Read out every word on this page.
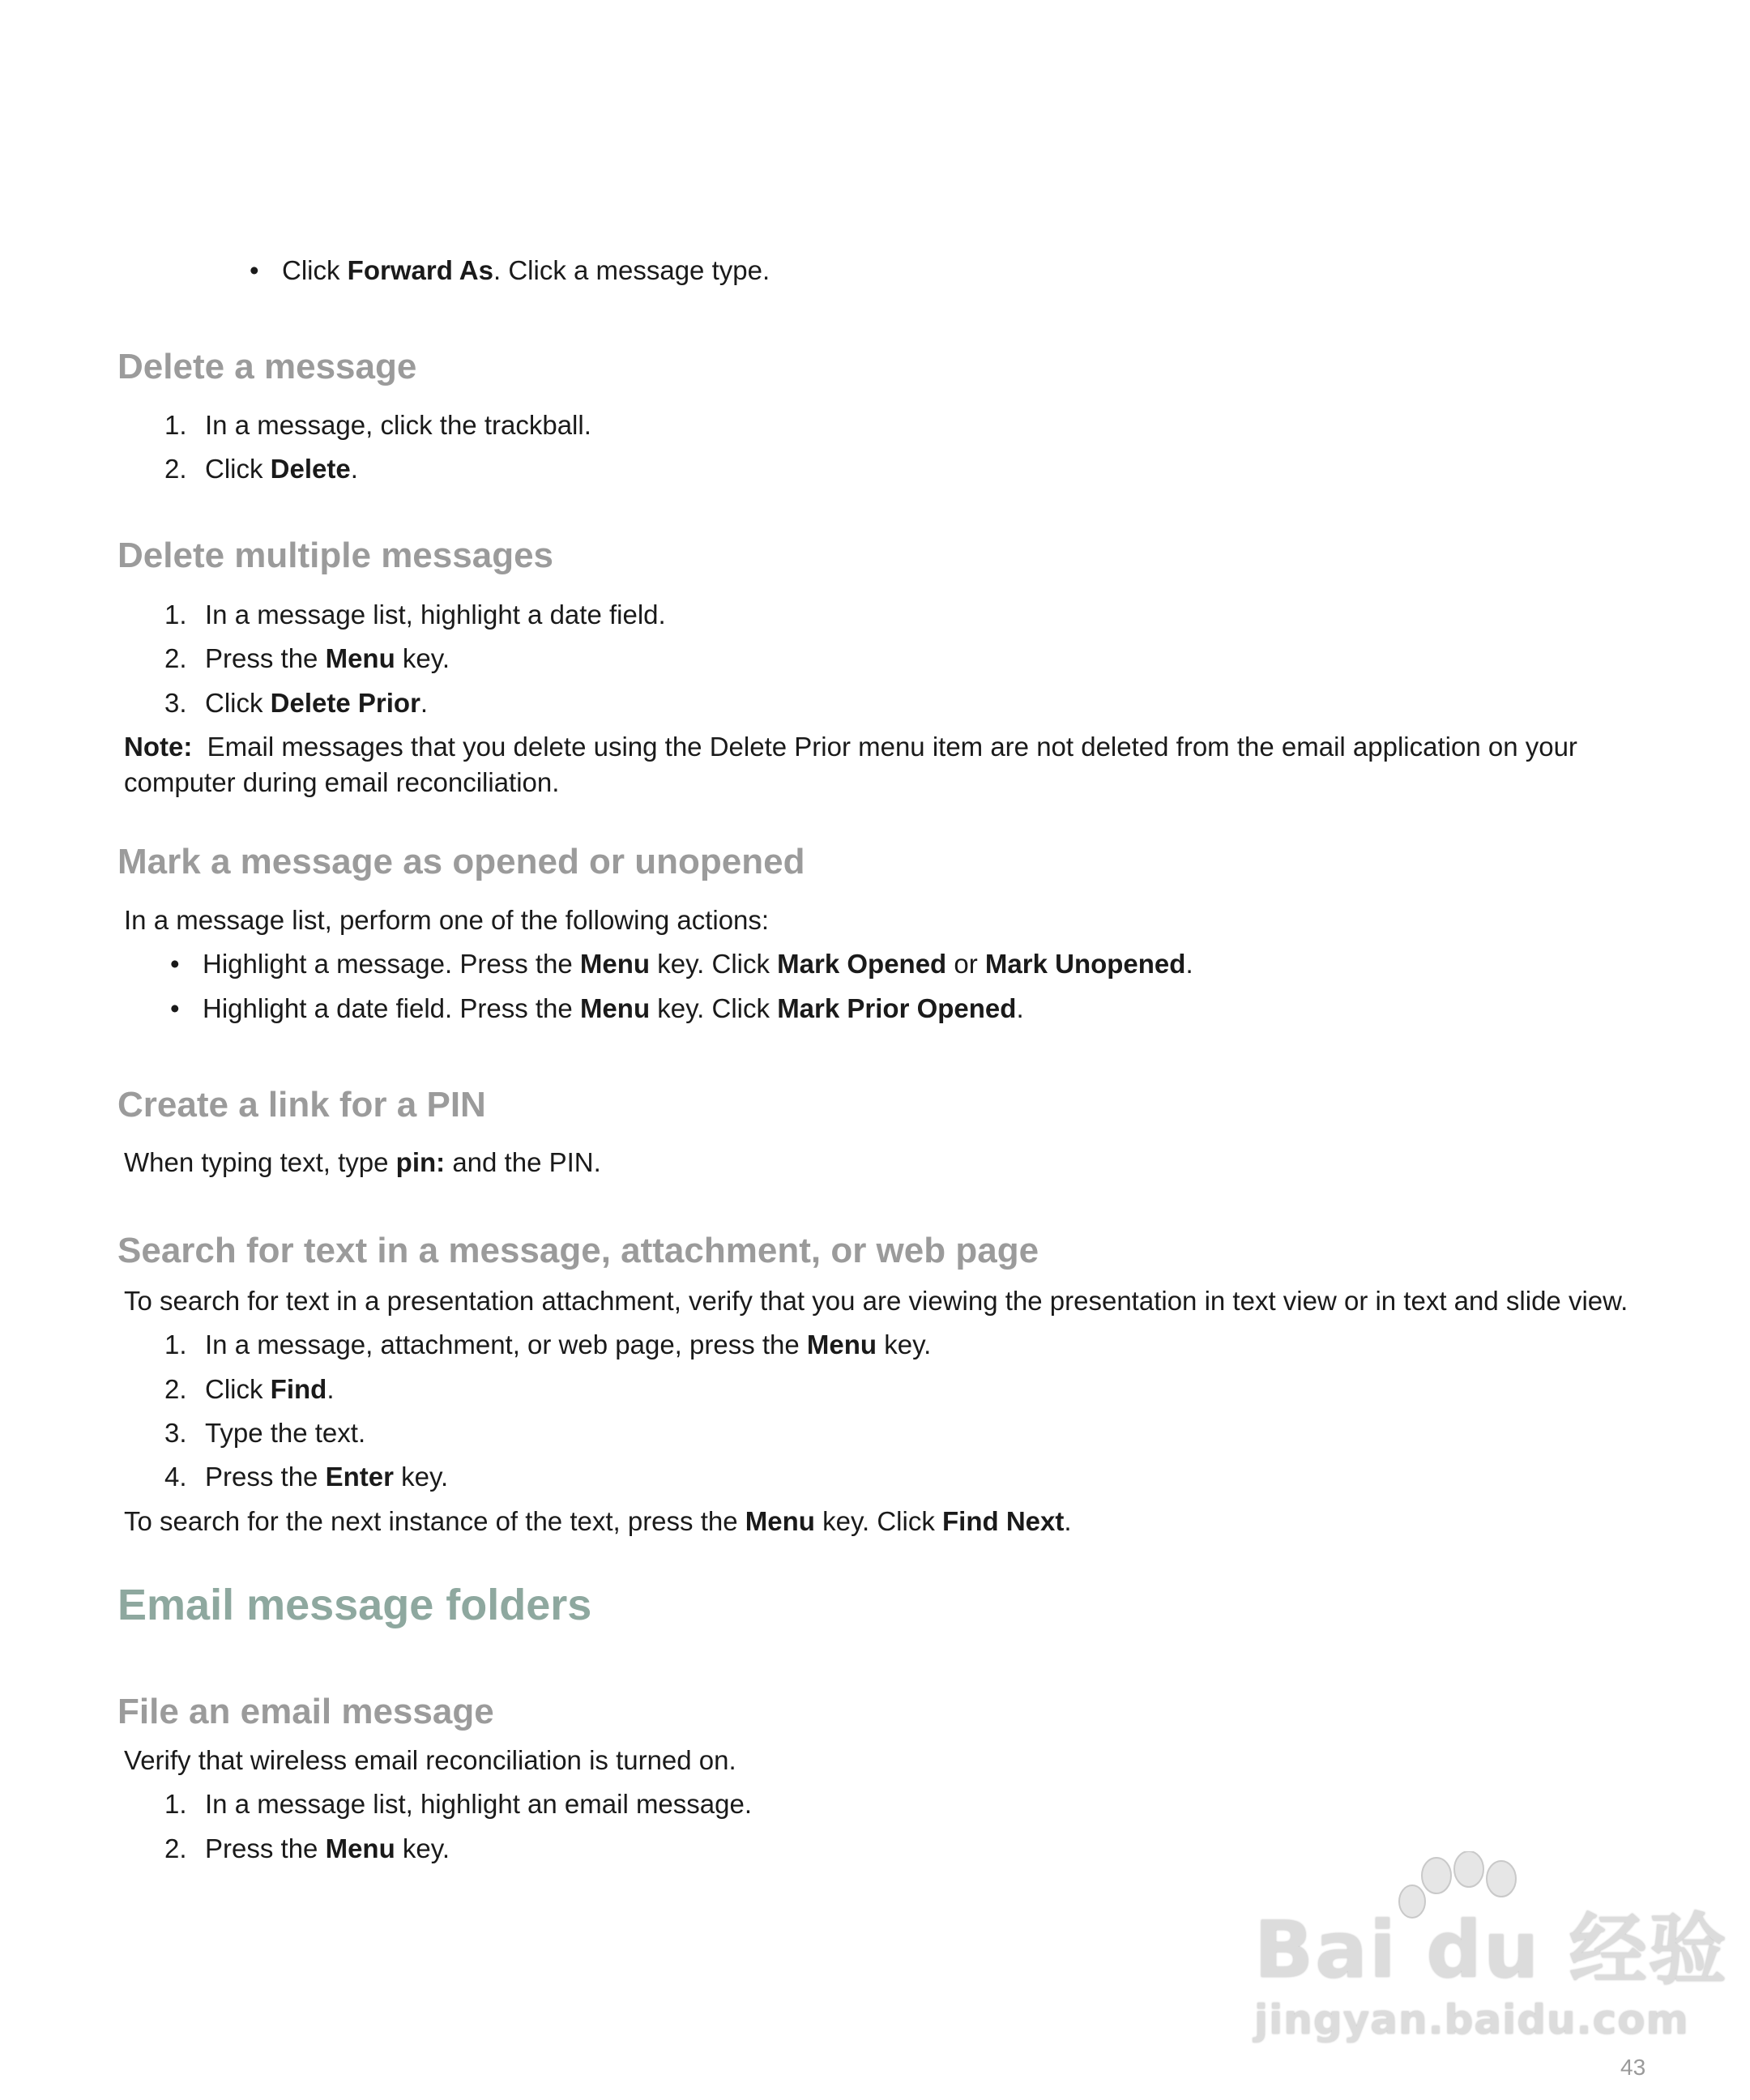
• Click Forward As. Click a message type.
Delete a message
1. In a message, click the trackball.
2. Click Delete.
Delete multiple messages
1. In a message list, highlight a date field.
2. Press the Menu key.
3. Click Delete Prior.
Note: Email messages that you delete using the Delete Prior menu item are not deleted from the email application on your computer during email reconciliation.
Mark a message as opened or unopened
In a message list, perform one of the following actions:
• Highlight a message. Press the Menu key. Click Mark Opened or Mark Unopened.
• Highlight a date field. Press the Menu key. Click Mark Prior Opened.
Create a link for a PIN
When typing text, type pin: and the PIN.
Search for text in a message, attachment, or web page
To search for text in a presentation attachment, verify that you are viewing the presentation in text view or in text and slide view.
1. In a message, attachment, or web page, press the Menu key.
2. Click Find.
3. Type the text.
4. Press the Enter key.
To search for the next instance of the text, press the Menu key. Click Find Next.
Email message folders
File an email message
Verify that wireless email reconciliation is turned on.
1. In a message list, highlight an email message.
2. Press the Menu key.
Bai du 经验
jingyan.baidu.com
43
